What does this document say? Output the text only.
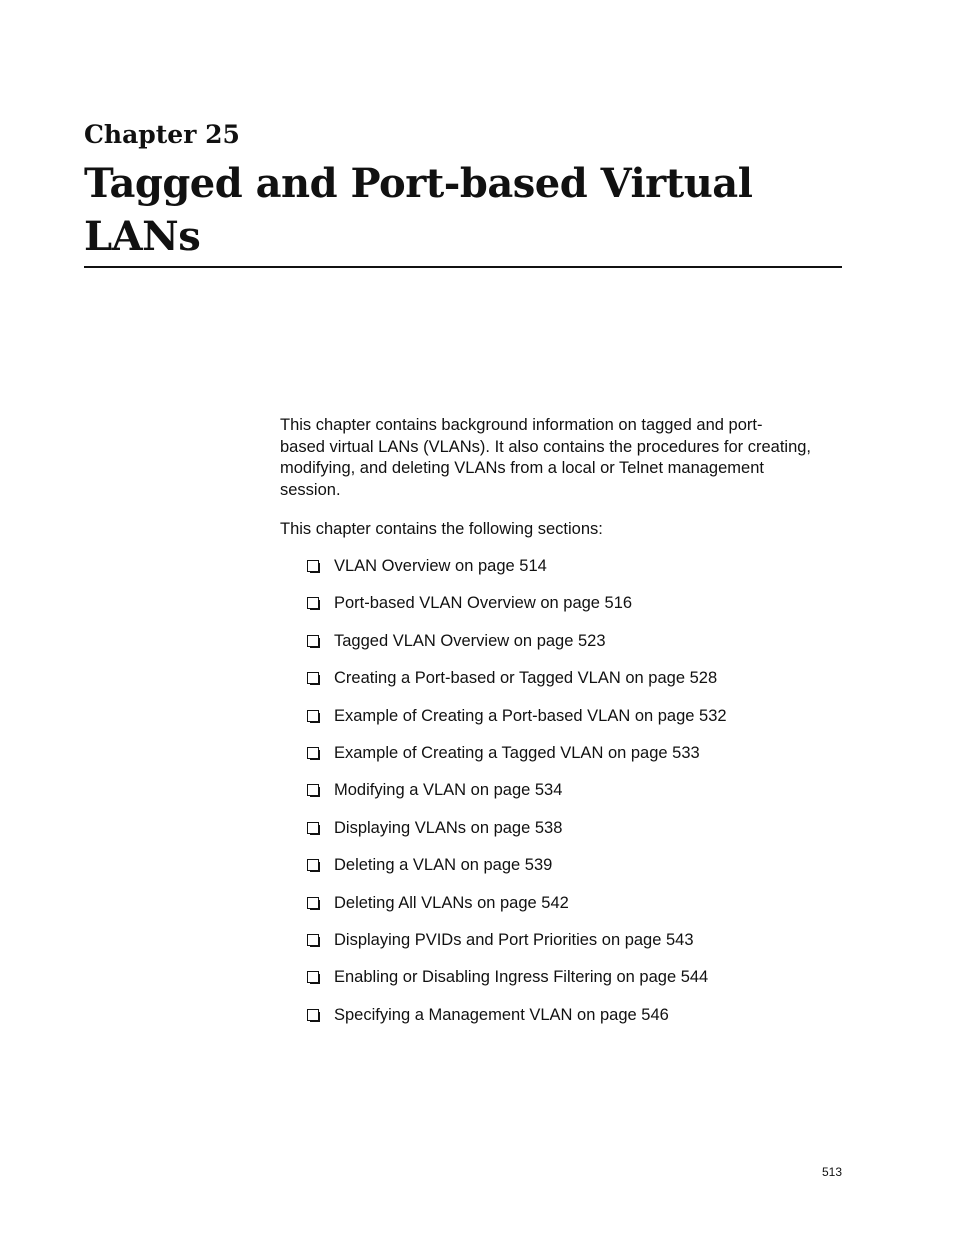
Chapter 25
Tagged and Port-based Virtual
LANs

This chapter contains background information on tagged and port-
based virtual LANs (VLANs). It also contains the procedures for creating,
modifying, and deleting VLANs from a local or Telnet management
session.

This chapter contains the following sections:

VLAN Overview on page 514
Port-based VLAN Overview on page 516
Tagged VLAN Overview on page 523
Creating a Port-based or Tagged VLAN on page 528
Example of Creating a Port-based VLAN on page 532
Example of Creating a Tagged VLAN on page 533
Modifying a VLAN on page 534
Displaying VLANs on page 538
Deleting a VLAN on page 539
Deleting All VLANs on page 542
Displaying PVIDs and Port Priorities on page 543
Enabling or Disabling Ingress Filtering on page 544
Specifying a Management VLAN on page 546
513
